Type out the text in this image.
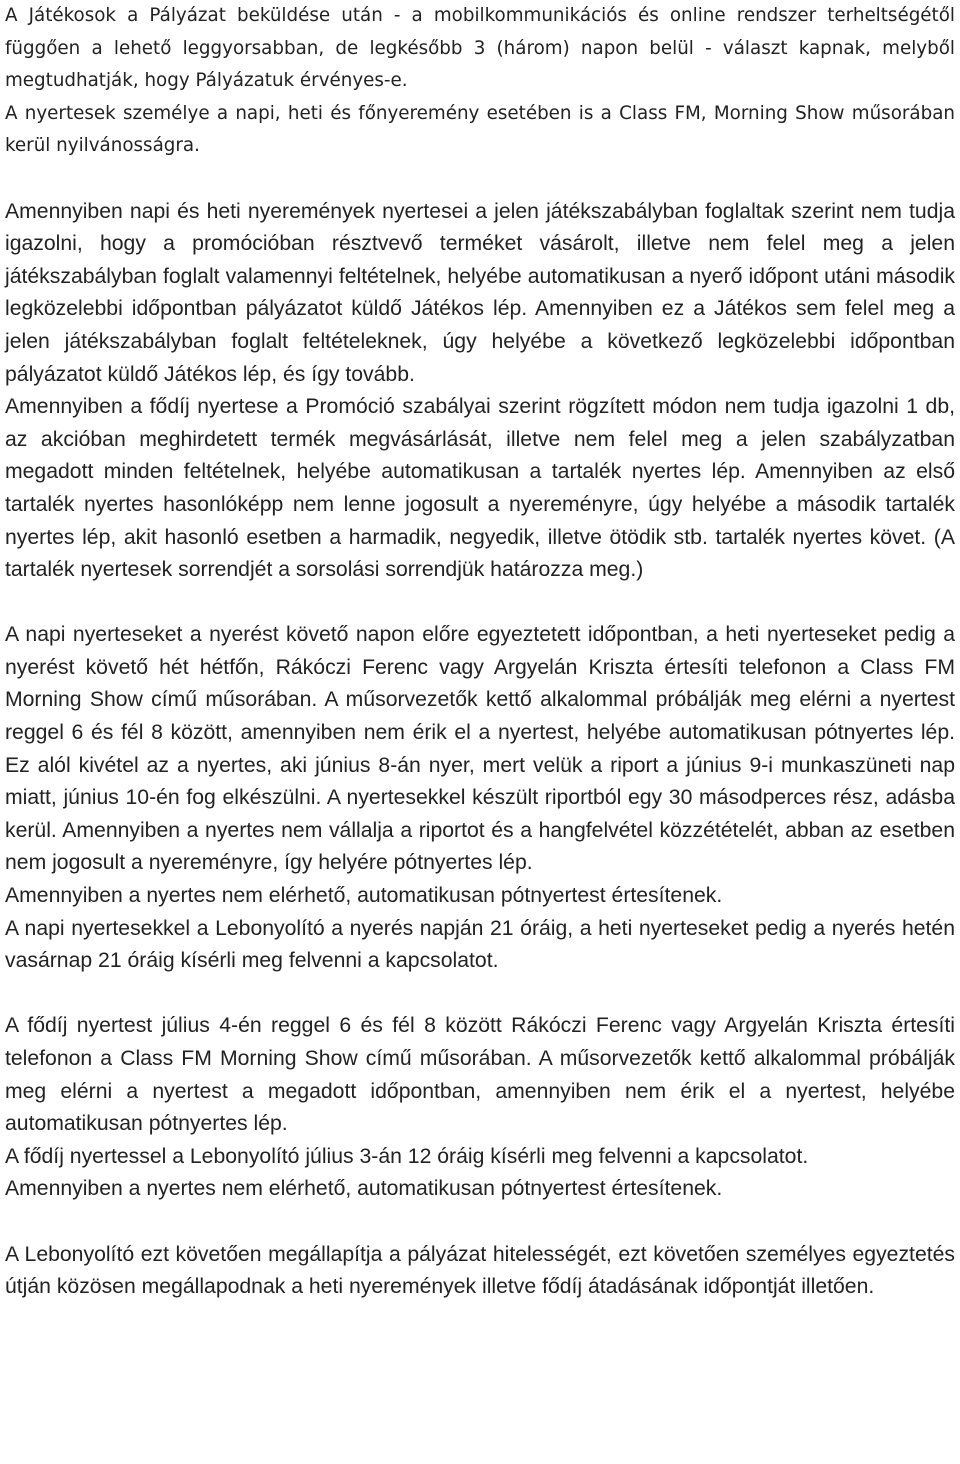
A Játékosok a Pályázat beküldése után - a mobilkommunikációs és online rendszer terheltségétől függően a lehető leggyorsabban, de legkésőbb 3 (három) napon belül - választ kapnak, melyből megtudhatják, hogy Pályázatuk érvényes-e.

A nyertesek személye a napi, heti és főnyeremény esetében is a Class FM, Morning Show műsorában kerül nyilvánosságra.

Amennyiben napi és heti nyeremények nyertesei a jelen játékszabályban foglaltak szerint nem tudja igazolni, hogy a promócióban résztvevő terméket vásárolt, illetve nem felel meg a jelen játékszabályban foglalt valamennyi feltételnek, helyébe automatikusan a nyerő időpont utáni második legközelebbi időpontban pályázatot küldő Játékos lép. Amennyiben ez a Játékos sem felel meg a jelen játékszabályban foglalt feltételeknek, úgy helyébe a következő legközelebbi időpontban pályázatot küldő Játékos lép, és így tovább.

Amennyiben a fődíj nyertese a Promóció szabályai szerint rögzített módon nem tudja igazolni 1 db, az akcióban meghirdetett termék megvásárlását, illetve nem felel meg a jelen szabályzatban megadott minden feltételnek, helyébe automatikusan a tartalék nyertes lép. Amennyiben az első tartalék nyertes hasonlóképp nem lenne jogosult a nyereményre, úgy helyébe a második tartalék nyertes lép, akit hasonló esetben a harmadik, negyedik, illetve ötödik stb. tartalék nyertes követ. (A tartalék nyertesek sorrendjét a sorsolási sorrendjük határozza meg.)

A napi nyerteseket a nyerést követő napon előre egyeztetett időpontban, a heti nyerteseket pedig a nyerést követő hét hétfőn, Rákóczi Ferenc vagy Argyelán Kriszta értesíti telefonon a Class FM Morning Show című műsorában. A műsorvezetők kettő alkalommal próbálják meg elérni a nyertest reggel 6 és fél 8 között, amennyiben nem érik el a nyertest, helyébe automatikusan pótnyertes lép. Ez alól kivétel az a nyertes, aki június 8-án nyer, mert velük a riport a június 9-i munkaszüneti nap miatt, június 10-én fog elkészülni. A nyertesekkel készült riportból egy 30 másodperces rész, adásba kerül. Amennyiben a nyertes nem vállalja a riportot és a hangfelvétel közzétételét, abban az esetben nem jogosult a nyereményre, így helyére pótnyertes lép.

Amennyiben a nyertes nem elérhető, automatikusan pótnyertest értesítenek.

A napi nyertesekkel a Lebonyolító a nyerés napján 21 óráig, a heti nyerteseket pedig a nyerés hetén vasárnap 21 óráig kísérli meg felvenni a kapcsolatot.

A fődíj nyertest július 4-én reggel 6 és fél 8 között Rákóczi Ferenc vagy Argyelán Kriszta értesíti telefonon a Class FM Morning Show című műsorában. A műsorvezetők kettő alkalommal próbálják meg elérni a nyertest a megadott időpontban, amennyiben nem érik el a nyertest, helyébe automatikusan pótnyertes lép.

A fődíj nyertessel a Lebonyolító július 3-án 12 óráig kísérli meg felvenni a kapcsolatot.

Amennyiben a nyertes nem elérhető, automatikusan pótnyertest értesítenek.

A Lebonyolító ezt követően megállapítja a pályázat hitelességét, ezt követően személyes egyeztetés útján közösen megállapodnak a heti nyeremények illetve fődíj átadásának időpontját illetően.
